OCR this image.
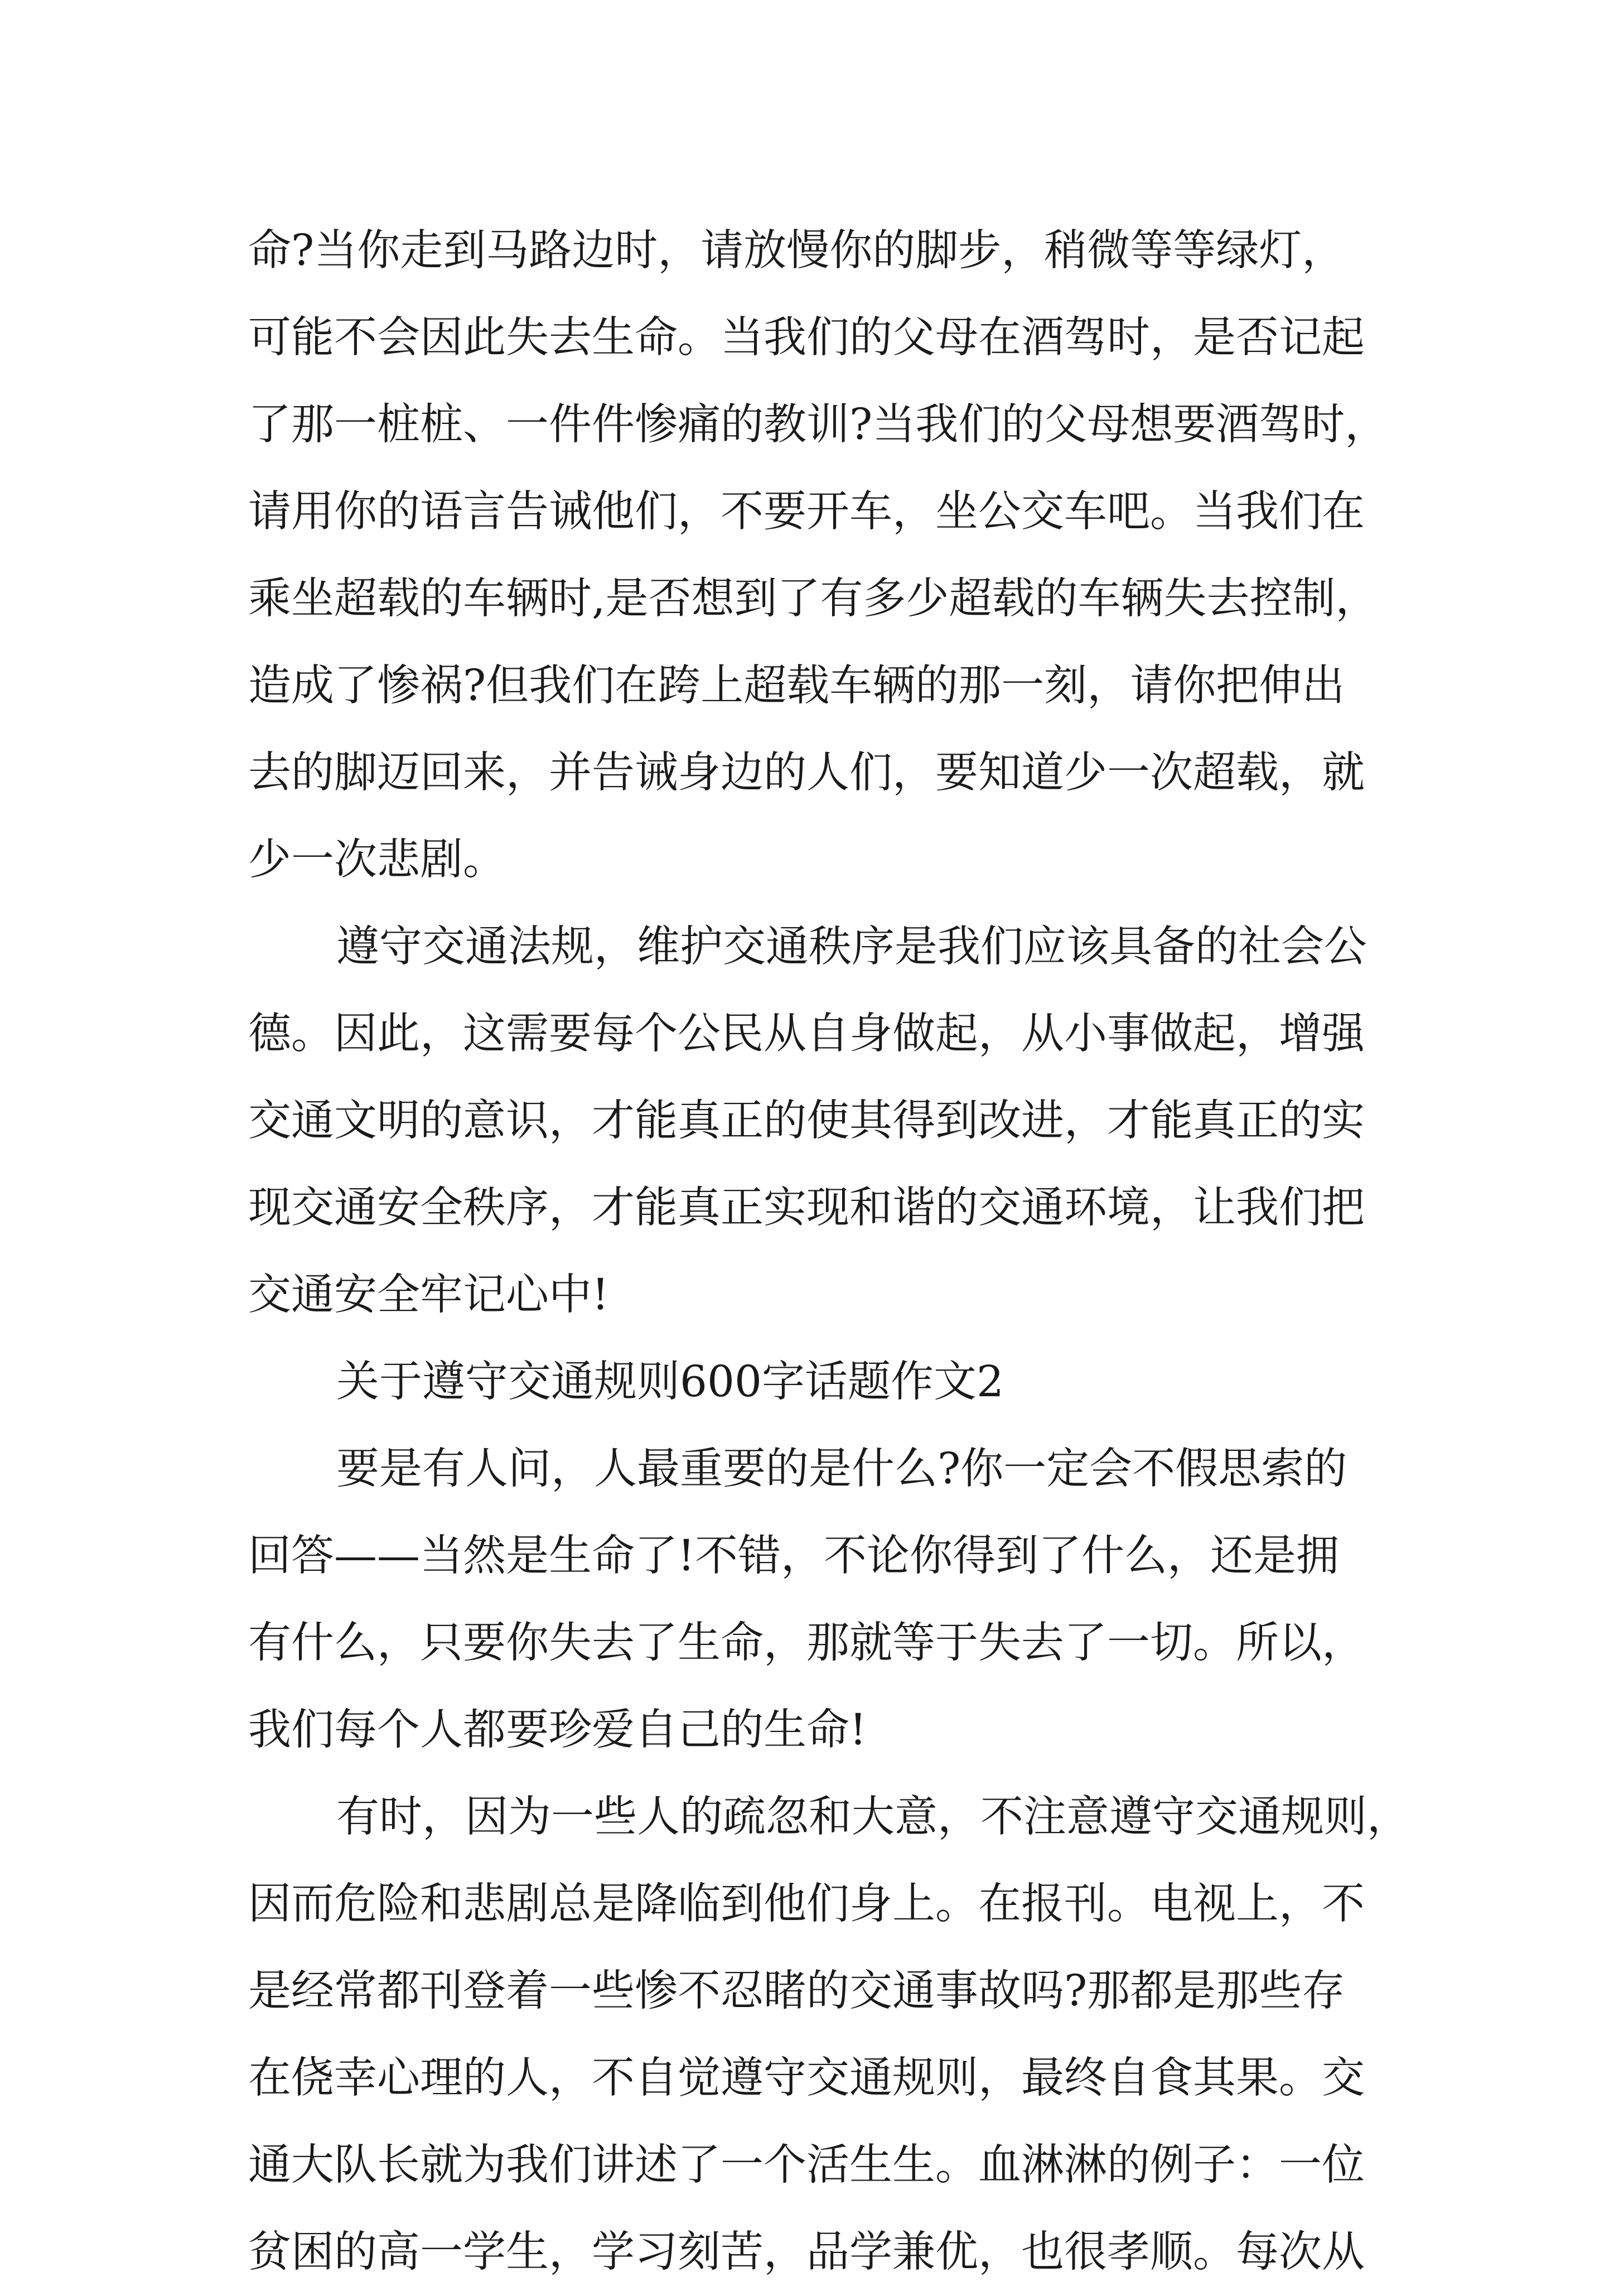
命?当你走到马路边时，请放慢你的脚步，稍微等等绿灯，
可能不会因此失去生命。当我们的父母在酒驾时，是否记起
了那一桩桩、一件件惨痛的教训?当我们的父母想要酒驾时，
请用你的语言告诫他们，不要开车，坐公交车吧。当我们在
乘坐超载的车辆时,是否想到了有多少超载的车辆失去控制，
造成了惨祸?但我们在跨上超载车辆的那一刻，请你把伸出
去的脚迈回来，并告诫身边的人们，要知道少一次超载，就
少一次悲剧。
遵守交通法规，维护交通秩序是我们应该具备的社会公
德。因此，这需要每个公民从自身做起，从小事做起，增强
交通文明的意识，才能真正的使其得到改进，才能真正的实
现交通安全秩序，才能真正实现和谐的交通环境，让我们把
交通安全牢记心中!
关于遵守交通规则600字话题作文2
要是有人问，人最重要的是什么?你一定会不假思索的
回答——当然是生命了!不错，不论你得到了什么，还是拥
有什么，只要你失去了生命，那就等于失去了一切。所以，
我们每个人都要珍爱自己的生命!
有时，因为一些人的疏忽和大意，不注意遵守交通规则，
因而危险和悲剧总是降临到他们身上。在报刊。电视上，不
是经常都刊登着一些惨不忍睹的交通事故吗?那都是那些存
在侥幸心理的人，不自觉遵守交通规则，最终自食其果。交
通大队长就为我们讲述了一个活生生。血淋淋的例子：一位
贫困的高一学生，学习刻苦，品学兼优，也很孝顺。每次从
